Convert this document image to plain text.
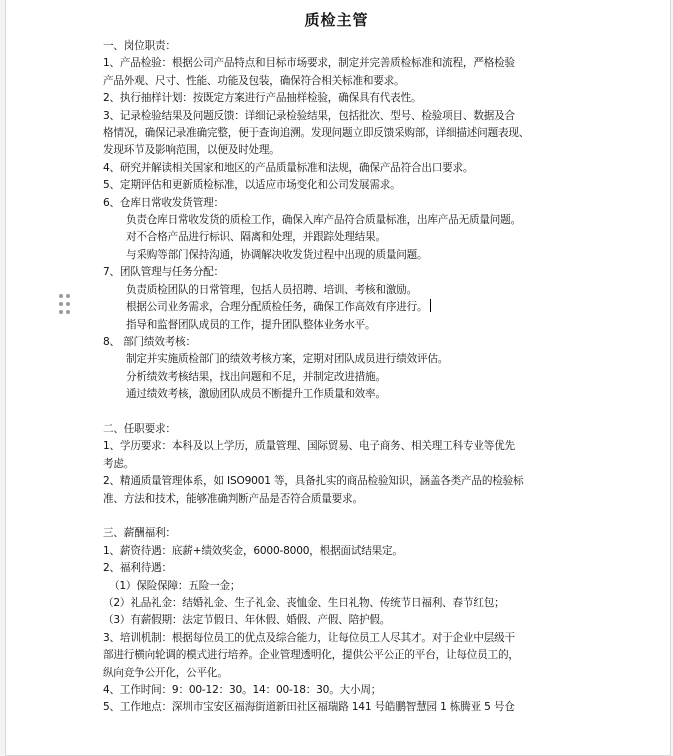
质检主管
一、岗位职责：
1、产品检验：根据公司产品特点和目标市场要求，制定并完善质检标准和流程，严格检验
产品外观、尺寸、性能、功能及包装，确保符合相关标准和要求。
2、执行抽样计划：按既定方案进行产品抽样检验，确保具有代表性。
3、记录检验结果及问题反馈：详细记录检验结果，包括批次、型号、检验项目、数据及合
格情况，确保记录准确完整，便于查询追溯。发现问题立即反馈采购部，详细描述问题表现、
发现环节及影响范围，以便及时处理。
4、研究并解读相关国家和地区的产品质量标准和法规，确保产品符合出口要求。
5、定期评估和更新质检标准，以适应市场变化和公司发展需求。
6、仓库日常收发货管理：
负责仓库日常收发货的质检工作，确保入库产品符合质量标准，出库产品无质量问题。
对不合格产品进行标识、隔离和处理，并跟踪处理结果。
与采购等部门保持沟通，协调解决收发货过程中出现的质量问题。
7、团队管理与任务分配：
负责质检团队的日常管理，包括人员招聘、培训、考核和激励。
根据公司业务需求，合理分配质检任务，确保工作高效有序进行。
指导和监督团队成员的工作，提升团队整体业务水平。
8、 部门绩效考核：
制定并实施质检部门的绩效考核方案，定期对团队成员进行绩效评估。
分析绩效考核结果，找出问题和不足，并制定改进措施。
通过绩效考核，激励团队成员不断提升工作质量和效率。
二、任职要求：
1、学历要求：本科及以上学历，质量管理、国际贸易、电子商务、相关理工科专业等优先
考虑。
2、精通质量管理体系，如 ISO9001 等，具备扎实的商品检验知识，涵盖各类产品的检验标
准、方法和技术，能够准确判断产品是否符合质量要求。
三、薪酬福利：
1、薪资待遇：底薪+绩效奖金，6000-8000，根据面试结果定。
2、福利待遇：
（1）保险保障：五险一金；
（2）礼品礼金：结婚礼金、生子礼金、丧恤金、生日礼物、传统节日福利、春节红包；
（3）有薪假期：法定节假日、年休假、婚假、产假、陪护假。
3、培训机制：根据每位员工的优点及综合能力，让每位员工人尽其才。对于企业中层级干
部进行横向轮调的模式进行培养。企业管理透明化，提供公平公正的平台，让每位员工的，
纵向竞争公开化，公平化。
4、工作时间：9：00-12：30。14：00-18：30。大小周；
5、工作地点：深圳市宝安区福海街道新田社区福瑞路 141 号皓鹏智慧园 1 栋腾亚 5 号仓
